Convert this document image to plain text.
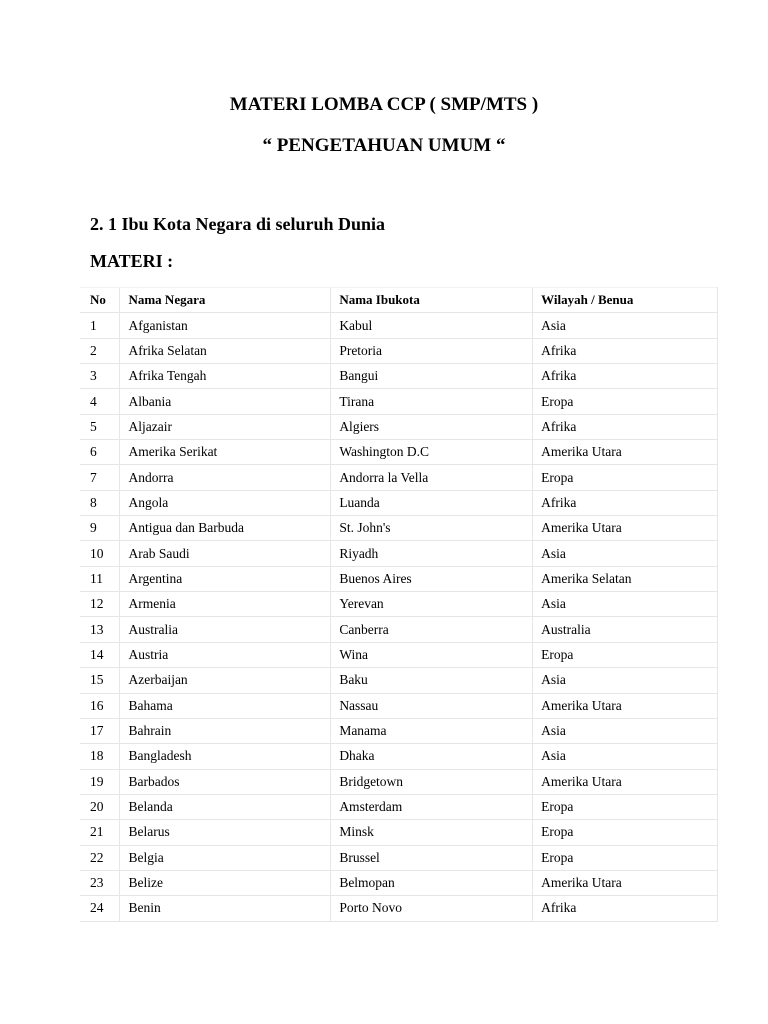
MATERI LOMBA CCP ( SMP/MTS )
“ PENGETAHUAN UMUM “
2. 1 Ibu Kota Negara di seluruh Dunia
MATERI :
No	Nama Negara	Nama Ibukota	Wilayah / Benua
1	Afganistan	Kabul	Asia
2	Afrika Selatan	Pretoria	Afrika
3	Afrika Tengah	Bangui	Afrika
4	Albania	Tirana	Eropa
5	Aljazair	Algiers	Afrika
6	Amerika Serikat	Washington D.C	Amerika Utara
7	Andorra	Andorra la Vella	Eropa
8	Angola	Luanda	Afrika
9	Antigua dan Barbuda	St. John's	Amerika Utara
10	Arab Saudi	Riyadh	Asia
11	Argentina	Buenos Aires	Amerika Selatan
12	Armenia	Yerevan	Asia
13	Australia	Canberra	Australia
14	Austria	Wina	Eropa
15	Azerbaijan	Baku	Asia
16	Bahama	Nassau	Amerika Utara
17	Bahrain	Manama	Asia
18	Bangladesh	Dhaka	Asia
19	Barbados	Bridgetown	Amerika Utara
20	Belanda	Amsterdam	Eropa
21	Belarus	Minsk	Eropa
22	Belgia	Brussel	Eropa
23	Belize	Belmopan	Amerika Utara
24	Benin	Porto Novo	Afrika
